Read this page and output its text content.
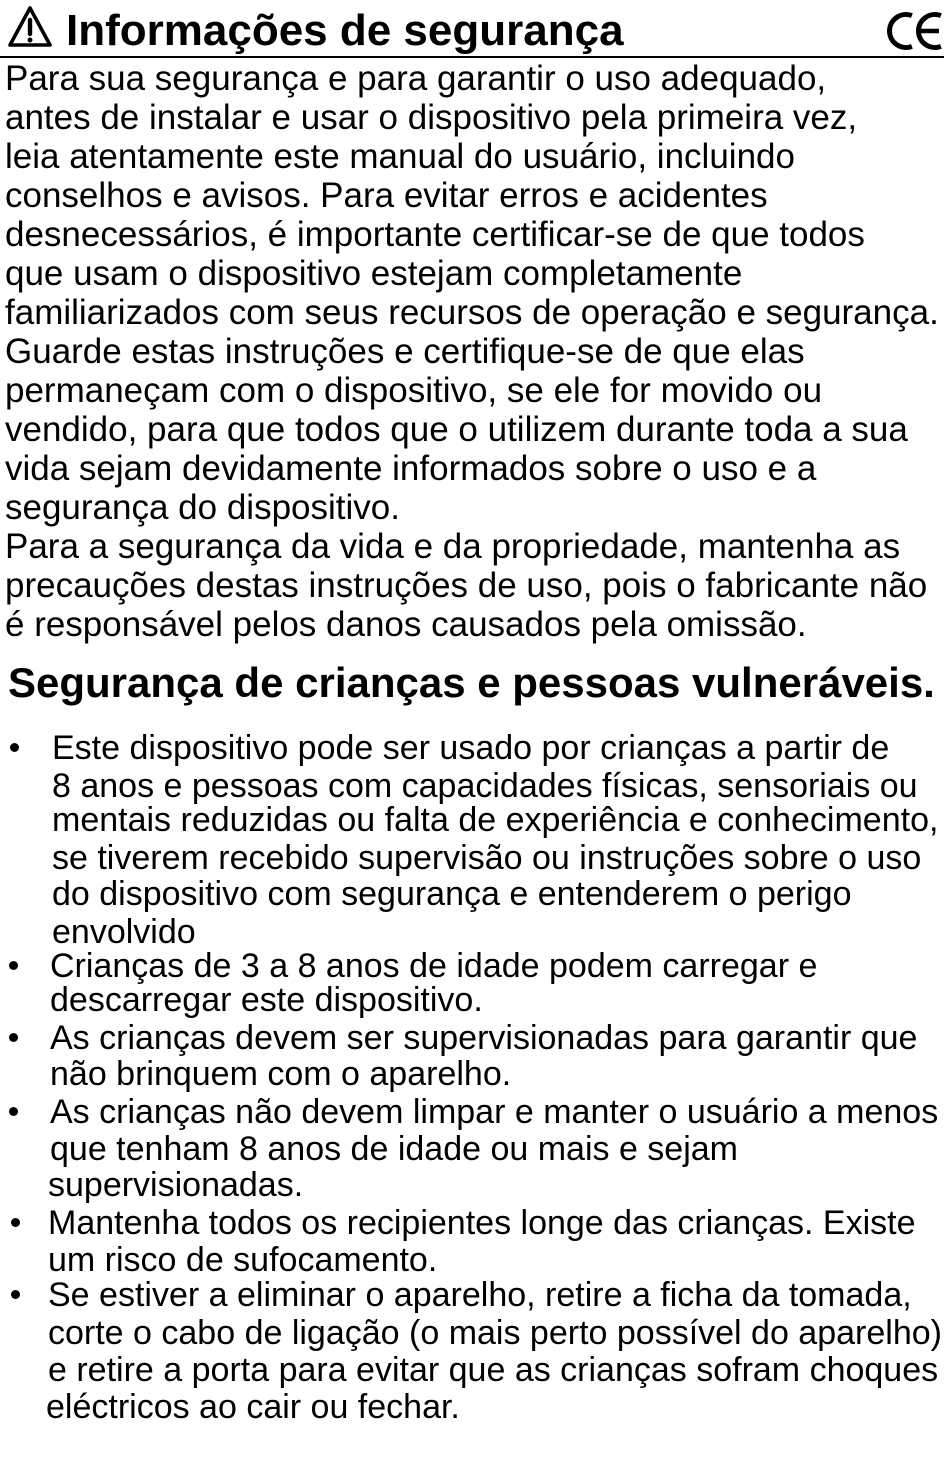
Informações de segurança
Para sua segurança e para garantir o uso adequado,
antes de instalar e usar o dispositivo pela primeira vez,
leia atentamente este manual do usuário, incluindo
conselhos e avisos. Para evitar erros e acidentes
desnecessários, é importante certificar-se de que todos
que usam o dispositivo estejam completamente
familiarizados com seus recursos de operação e segurança.
Guarde estas instruções e certifique-se de que elas
permaneçam com o dispositivo, se ele for movido ou
vendido, para que todos que o utilizem durante toda a sua
vida sejam devidamente informados sobre o uso e a
segurança do dispositivo.
Para a segurança da vida e da propriedade, mantenha as
precauções destas instruções de uso, pois o fabricante não
é responsável pelos danos causados pela omissão.
Segurança de crianças e pessoas vulneráveis.
Este dispositivo pode ser usado por crianças a partir de
8 anos e pessoas com capacidades físicas, sensoriais ou
mentais reduzidas ou falta de experiência e conhecimento,
se tiverem recebido supervisão ou instruções sobre o uso
do dispositivo com segurança e entenderem o perigo
envolvido
Crianças de 3 a 8 anos de idade podem carregar e
descarregar este dispositivo.
As crianças devem ser supervisionadas para garantir que
não brinquem com o aparelho.
As crianças não devem limpar e manter o usuário a menos
que tenham 8 anos de idade ou mais e sejam
supervisionadas.
Mantenha todos os recipientes longe das crianças. Existe
um risco de sufocamento.
Se estiver a eliminar o aparelho, retire a ficha da tomada,
corte o cabo de ligação (o mais perto possível do aparelho)
e retire a porta para evitar que as crianças sofram choques
eléctricos ao cair ou fechar.
